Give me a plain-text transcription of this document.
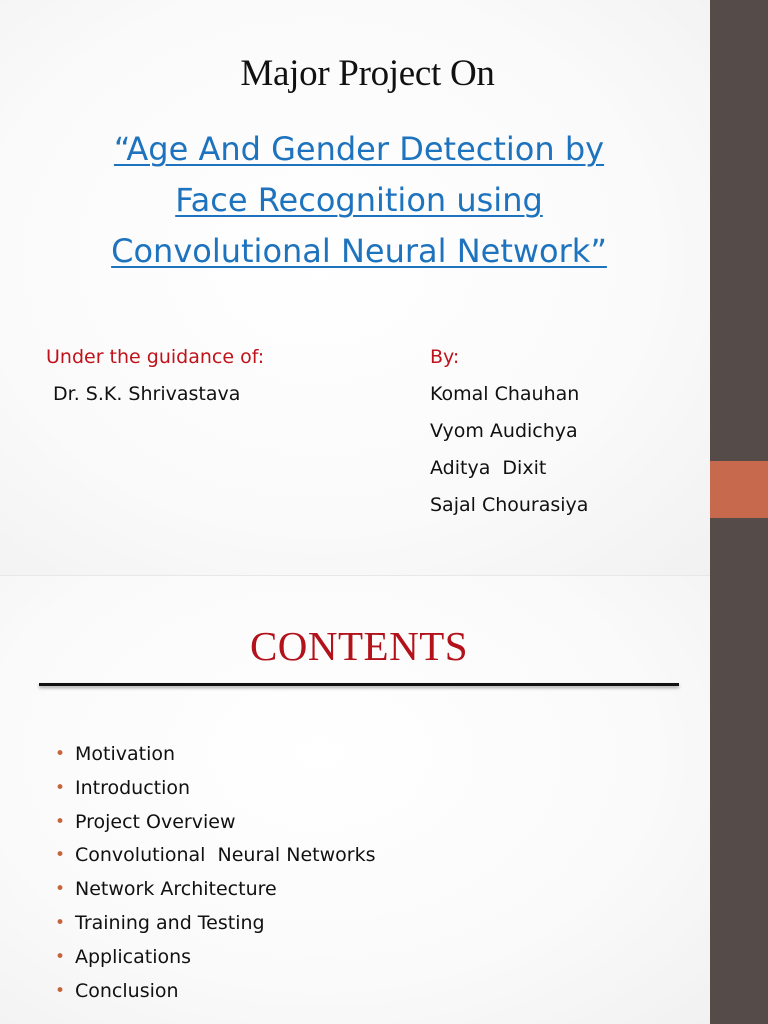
Major Project On
“Age And Gender Detection by
Face Recognition using
Convolutional Neural Network”
Under the guidance of:
Dr. S.K. Shrivastava
By:
Komal Chauhan
Vyom Audichya
Aditya  Dixit
Sajal Chourasiya
CONTENTS
• Motivation
• Introduction
• Project Overview
• Convolutional  Neural Networks
• Network Architecture
• Training and Testing
• Applications
• Conclusion
